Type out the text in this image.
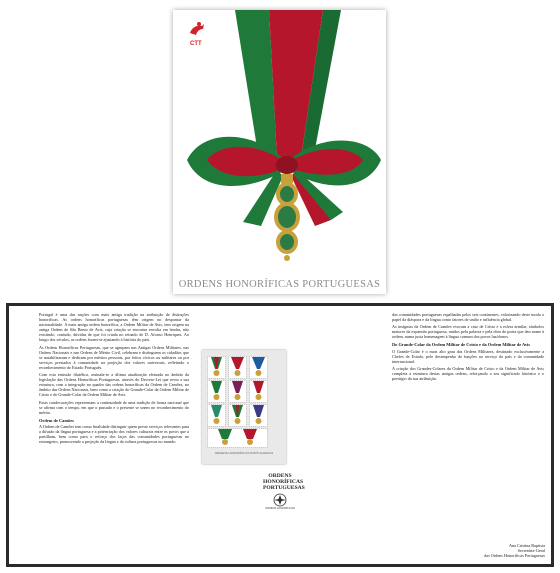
ORDENS HONORÍFICAS PORTUGUESAS
CTT

Portugal é uma das nações com mais antiga tradição na atribuição de distinções honoríficas. As ordens honoríficas portuguesas têm origem no despontar da nacionalidade. A mais antiga ordem honorífica, a Ordem Militar de Avis, tem origem na antiga Ordem de São Bento de Avis, cuja criação se encontra envolta em lendas, não existindo, contudo, dúvidas de que foi criada no reinado de D. Afonso Henriques. Ao longo dos séculos, as ordens foram-se ajustando à história do país.

As Ordens Honoríficas Portuguesas, que se agrupam nas Antigas Ordens Militares, nas Ordens Nacionais e nas Ordens de Mérito Civil, celebram e distinguem os cidadãos que se notabilizaram e dedicam por méritos pessoais, por feitos cívicos ou militares ou por serviços prestados à comunidade na projeção dos valores universais, refletindo o reconhecimento do Estado Português.

Com esta emissão filatélica, assinala-se a última atualização efetuada no âmbito da legislação das Ordens Honoríficas Portuguesas, através do Decreto-Lei que reviu a sua estrutura, com a integração no quadro das ordens honoríficas da Ordem de Camões, no âmbito das Ordens Nacionais, bem como a criação do Grande-Colar da Ordem Militar de Cristo e do Grande-Colar da Ordem Militar de Avis.

Estas condecorações representam a continuidade de uma tradição de honra nacional que se afirma com o tempo, em que o passado e o presente se unem no reconhecimento do mérito.

Ordem de Camões

A Ordem de Camões tem como finalidade distinguir quem preste serviços relevantes para a difusão da língua portuguesa e a potenciação dos valores culturais entre os povos que a partilham, bem como para o reforço dos laços das comunidades portuguesas no estrangeiro, promovendo a projeção da língua e da cultura portuguesas no mundo.

das comunidades portuguesas espalhadas pelos seis continentes, valorizando deste modo o papel da diáspora e da língua como fatores de união e influência global.

As insígnias da Ordem de Camões evocam a cruz de Cristo e a esfera armilar, símbolos maiores da expansão portuguesa, unidos pela palavra e pela obra do poeta que deu nome à ordem, numa justa homenagem à língua comum dos povos lusófonos.

Do Grande-Colar da Ordem Militar de Cristo e da Ordem Militar de Avis

O Grande-Colar é o mais alto grau das Ordens Militares, destinado exclusivamente a Chefes de Estado, pelo desempenho de funções ao serviço do país e da comunidade internacional.

A criação dos Grandes-Colares da Ordem Militar de Cristo e da Ordem Militar de Avis completa a estrutura destas antigas ordens, reforçando o seu significado histórico e o prestígio da sua atribuição.

Ana Cristina Baptista
Secretária-Geral
das Ordens Honoríficas Portuguesas
ORDENS HONORÍFICAS PORTUGUESAS
ORDENS
HONORÍFICAS
PORTUGUESAS
ORDENS HONORÍFICAS
